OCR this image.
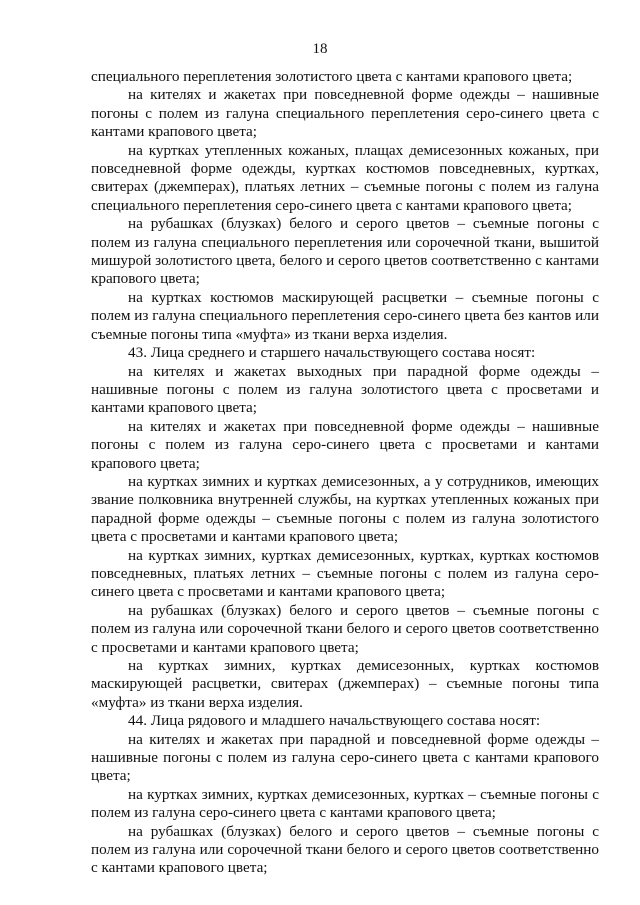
18

специального переплетения золотистого цвета с кантами крапового цвета;

на кителях и жакетах при повседневной форме одежды – нашивные погоны с полем из галуна специального переплетения серо-синего цвета с кантами крапового цвета;

на куртках утепленных кожаных, плащах демисезонных кожаных, при повседневной форме одежды, куртках костюмов повседневных, куртках, свитерах (джемперах), платьях летних – съемные погоны с полем из галуна специального переплетения серо-синего цвета с кантами крапового цвета;

на рубашках (блузках) белого и серого цветов – съемные погоны с полем из галуна специального переплетения или сорочечной ткани, вышитой мишурой золотистого цвета, белого и серого цветов соответственно с кантами крапового цвета;

на куртках костюмов маскирующей расцветки – съемные погоны с полем из галуна специального переплетения серо-синего цвета без кантов или съемные погоны типа «муфта» из ткани верха изделия.

43. Лица среднего и старшего начальствующего состава носят:

на кителях и жакетах выходных при парадной форме одежды – нашивные погоны с полем из галуна золотистого цвета с просветами и кантами крапового цвета;

на кителях и жакетах при повседневной форме одежды – нашивные погоны с полем из галуна серо-синего цвета с просветами и кантами крапового цвета;

на куртках зимних и куртках демисезонных, а у сотрудников, имеющих звание полковника внутренней службы, на куртках утепленных кожаных при парадной форме одежды – съемные погоны с полем из галуна золотистого цвета с просветами и кантами крапового цвета;

на куртках зимних, куртках демисезонных, куртках, куртках костюмов повседневных, платьях летних – съемные погоны с полем из галуна серо-синего цвета с просветами и кантами крапового цвета;

на рубашках (блузках) белого и серого цветов – съемные погоны с полем из галуна или сорочечной ткани белого и серого цветов соответственно с просветами и кантами крапового цвета;

на куртках зимних, куртках демисезонных, куртках костюмов маскирующей расцветки, свитерах (джемперах) – съемные погоны типа «муфта» из ткани верха изделия.

44. Лица рядового и младшего начальствующего состава носят:

на кителях и жакетах при парадной и повседневной форме одежды – нашивные погоны с полем из галуна серо-синего цвета с кантами крапового цвета;

на куртках зимних, куртках демисезонных, куртках – съемные погоны с полем из галуна серо-синего цвета с кантами крапового цвета;

на рубашках (блузках) белого и серого цветов – съемные погоны с полем из галуна или сорочечной ткани белого и серого цветов соответственно с кантами крапового цвета;
